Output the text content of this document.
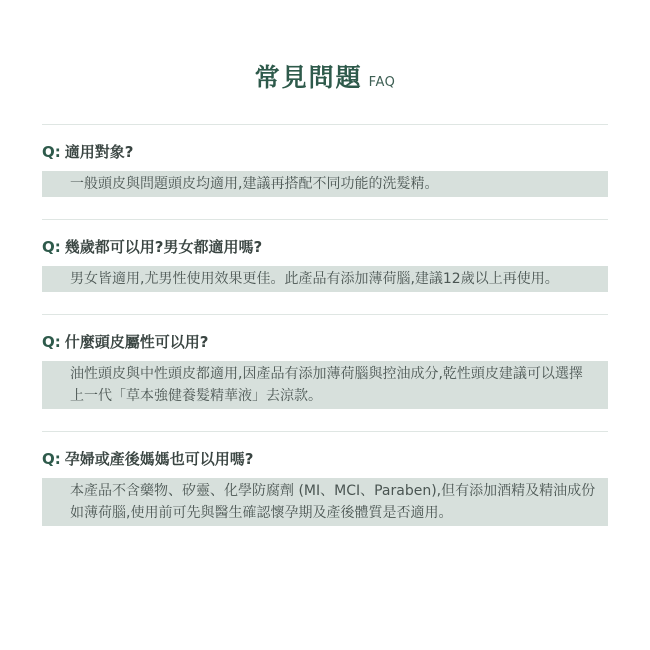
常見問題 FAQ

Q: 適用對象?

一般頭皮與問題頭皮均適用,建議再搭配不同功能的洗髮精。

Q: 幾歲都可以用?男女都適用嗎?

男女皆適用,尤男性使用效果更佳。此產品有添加薄荷腦,建議12歲以上再使用。

Q: 什麼頭皮屬性可以用?

油性頭皮與中性頭皮都適用,因產品有添加薄荷腦與控油成分,乾性頭皮建議可以選擇上一代「草本強健養髮精華液」去涼款。

Q: 孕婦或產後媽媽也可以用嗎?

本產品不含藥物、矽靈、化學防腐劑 (MI、MCI、Paraben),但有添加酒精及精油成份如薄荷腦,使用前可先與醫生確認懷孕期及產後體質是否適用。
